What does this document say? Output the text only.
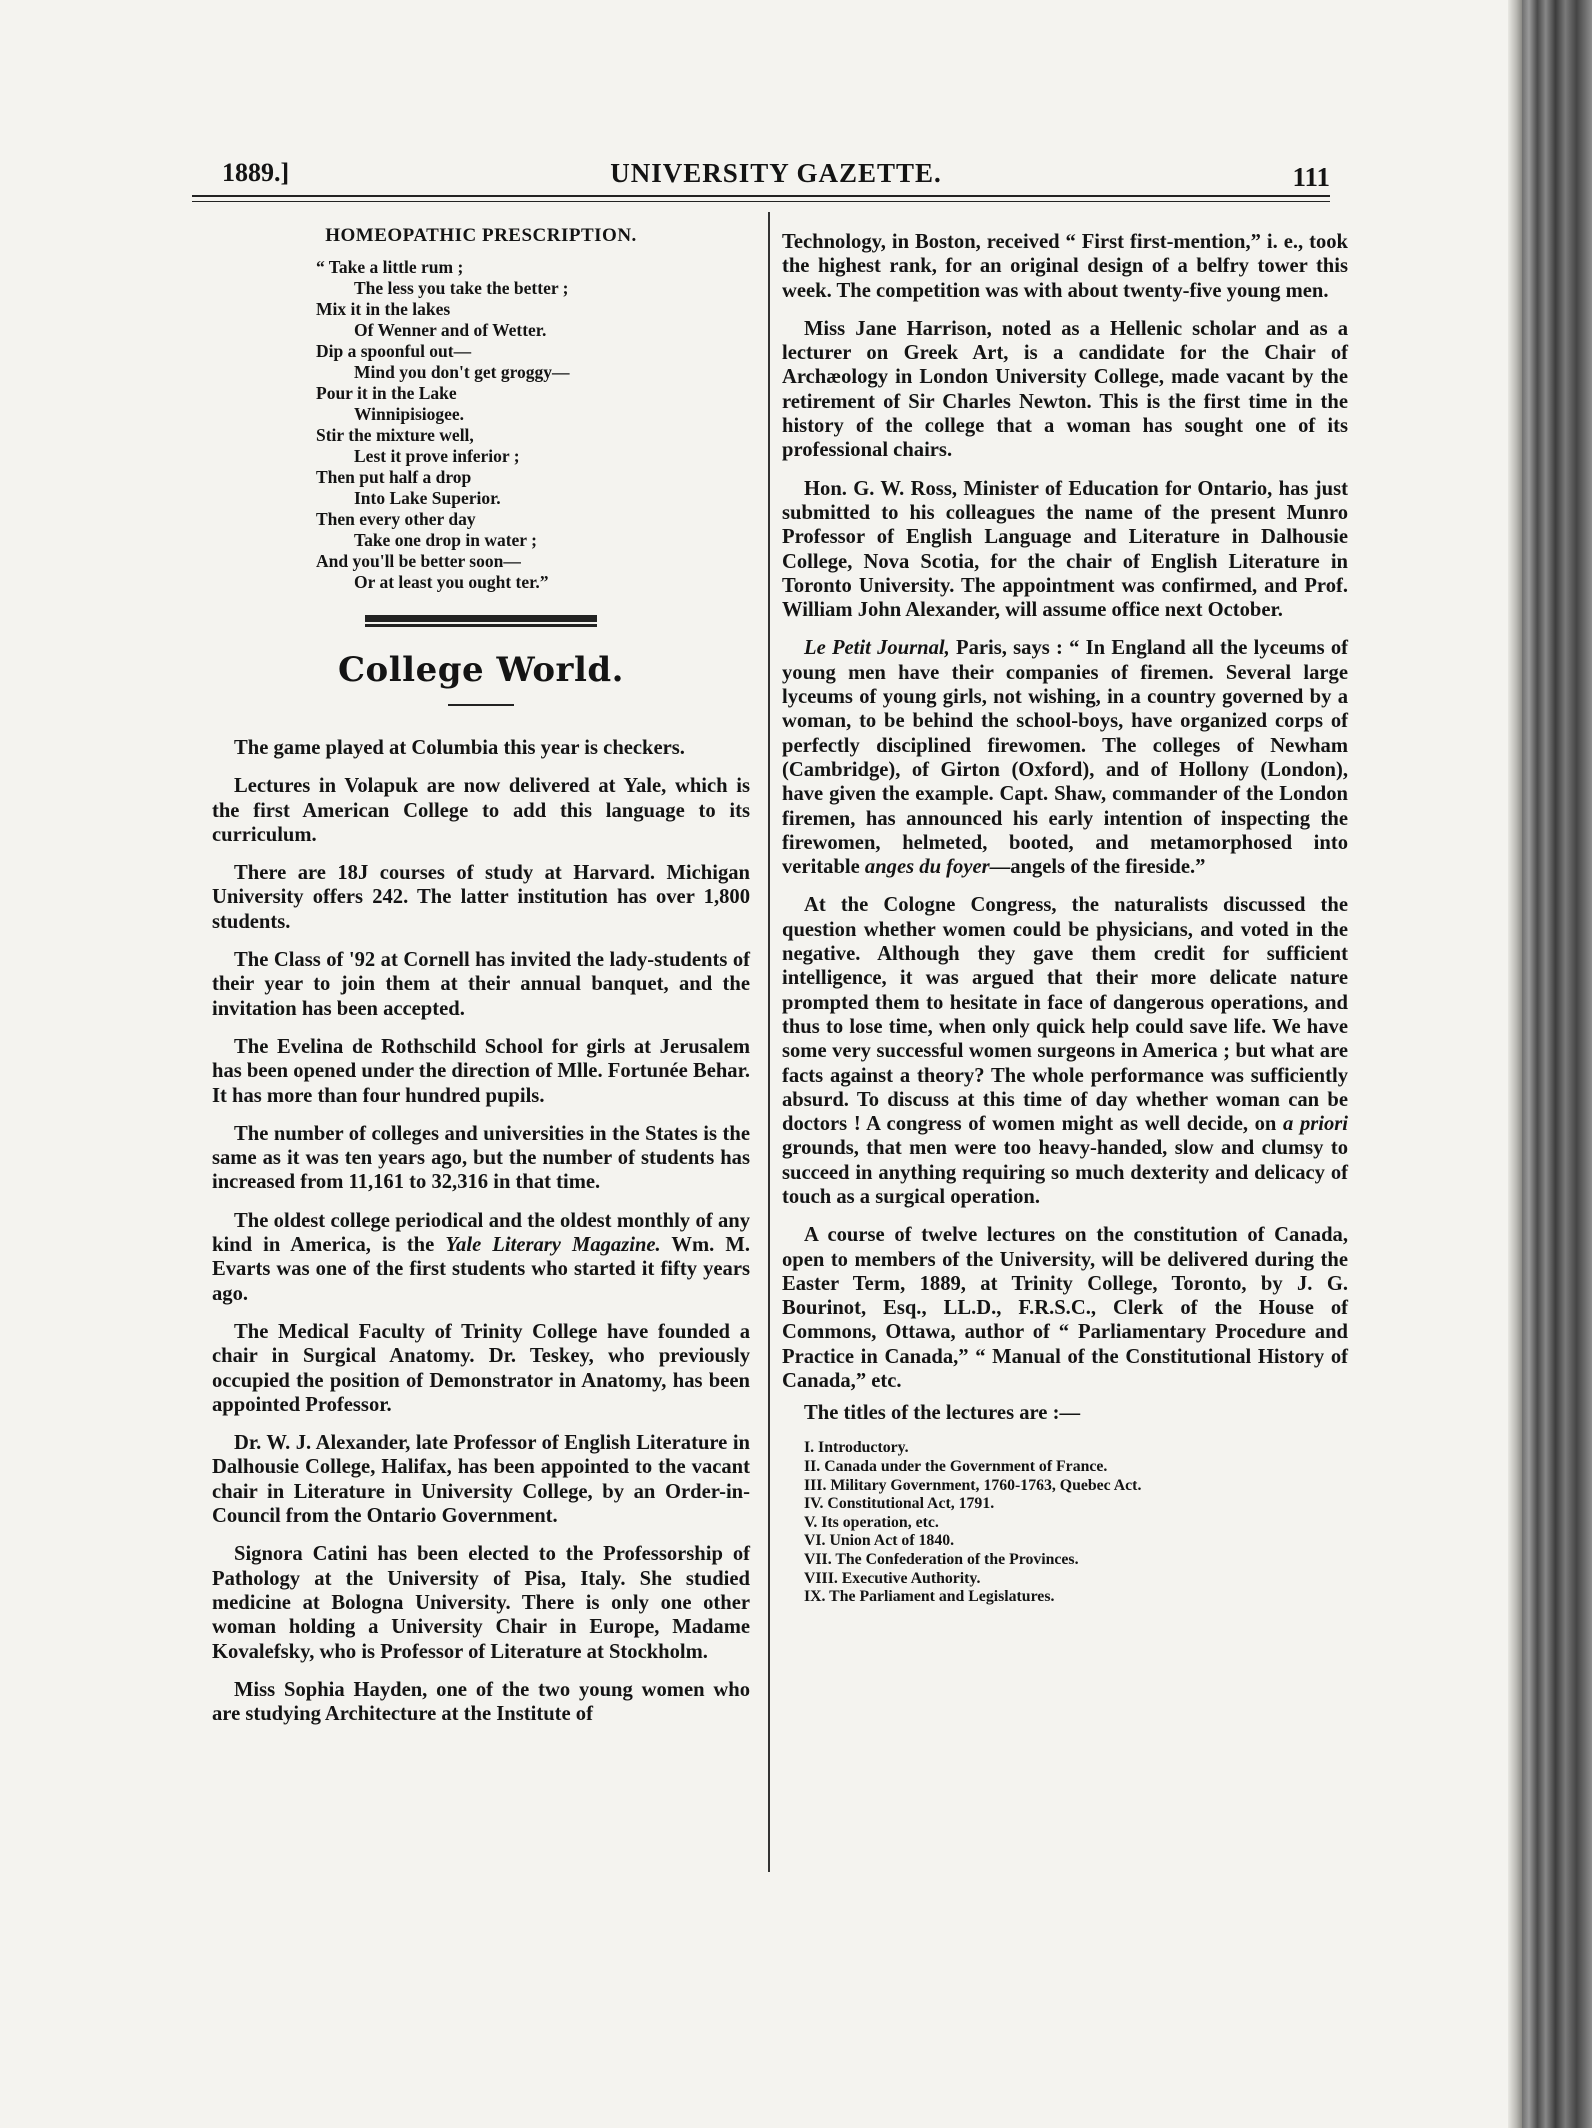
1889.]	UNIVERSITY GAZETTE.	111
HOMEOPATHIC PRESCRIPTION.
“ Take a little rum ;
The less you take the better ;
Mix it in the lakes
Of Wenner and of Wetter.
Dip a spoonful out—
Mind you don't get groggy—
Pour it in the Lake
Winnipisiogee.
Stir the mixture well,
Lest it prove inferior ;
Then put half a drop
Into Lake Superior.
Then every other day
Take one drop in water ;
And you'll be better soon—
Or at least you ought ter.”
College World.

The game played at Columbia this year is checkers.

Lectures in Volapuk are now delivered at Yale, which is the first American College to add this language to its curriculum.

There are 18J courses of study at Harvard. Michigan University offers 242. The latter institution has over 1,800 students.

The Class of '92 at Cornell has invited the lady-students of their year to join them at their annual banquet, and the invitation has been accepted.

The Evelina de Rothschild School for girls at Jerusalem has been opened under the direction of Mlle. Fortunée Behar. It has more than four hundred pupils.

The number of colleges and universities in the States is the same as it was ten years ago, but the number of students has increased from 11,161 to 32,316 in that time.

The oldest college periodical and the oldest monthly of any kind in America, is the Yale Literary Magazine. Wm. M. Evarts was one of the first students who started it fifty years ago.

The Medical Faculty of Trinity College have founded a chair in Surgical Anatomy. Dr. Teskey, who previously occupied the position of Demonstrator in Anatomy, has been appointed Professor.

Dr. W. J. Alexander, late Professor of English Literature in Dalhousie College, Halifax, has been appointed to the vacant chair in Literature in University College, by an Order-in-Council from the Ontario Government.

Signora Catini has been elected to the Professorship of Pathology at the University of Pisa, Italy. She studied medicine at Bologna University. There is only one other woman holding a University Chair in Europe, Madame Kovalefsky, who is Professor of Literature at Stockholm.

Miss Sophia Hayden, one of the two young women who are studying Architecture at the Institute of

Technology, in Boston, received “ First first-mention,” i. e., took the highest rank, for an original design of a belfry tower this week. The competition was with about twenty-five young men.

Miss Jane Harrison, noted as a Hellenic scholar and as a lecturer on Greek Art, is a candidate for the Chair of Archæology in London University College, made vacant by the retirement of Sir Charles Newton. This is the first time in the history of the college that a woman has sought one of its professional chairs.

Hon. G. W. Ross, Minister of Education for Ontario, has just submitted to his colleagues the name of the present Munro Professor of English Language and Literature in Dalhousie College, Nova Scotia, for the chair of English Literature in Toronto University. The appointment was confirmed, and Prof. William John Alexander, will assume office next October.

Le Petit Journal, Paris, says : “ In England all the lyceums of young men have their companies of firemen. Several large lyceums of young girls, not wishing, in a country governed by a woman, to be behind the school-boys, have organized corps of perfectly disciplined firewomen. The colleges of Newham (Cambridge), of Girton (Oxford), and of Hollony (London), have given the example. Capt. Shaw, commander of the London firemen, has announced his early intention of inspecting the firewomen, helmeted, booted, and metamorphosed into veritable anges du foyer—angels of the fireside.”

At the Cologne Congress, the naturalists discussed the question whether women could be physicians, and voted in the negative. Although they gave them credit for sufficient intelligence, it was argued that their more delicate nature prompted them to hesitate in face of dangerous operations, and thus to lose time, when only quick help could save life. We have some very successful women surgeons in America ; but what are facts against a theory? The whole performance was sufficiently absurd. To discuss at this time of day whether woman can be doctors ! A congress of women might as well decide, on a priori grounds, that men were too heavy-handed, slow and clumsy to succeed in anything requiring so much dexterity and delicacy of touch as a surgical operation.

A course of twelve lectures on the constitution of Canada, open to members of the University, will be delivered during the Easter Term, 1889, at Trinity College, Toronto, by J. G. Bourinot, Esq., LL.D., F.R.S.C., Clerk of the House of Commons, Ottawa, author of “ Parliamentary Procedure and Practice in Canada,” “ Manual of the Constitutional History of Canada,” etc.

The titles of the lectures are :—
I. Introductory.
II. Canada under the Government of France.
III. Military Government, 1760-1763, Quebec Act.
IV. Constitutional Act, 1791.
V. Its operation, etc.
VI. Union Act of 1840.
VII. The Confederation of the Provinces.
VIII. Executive Authority.
IX. The Parliament and Legislatures.
